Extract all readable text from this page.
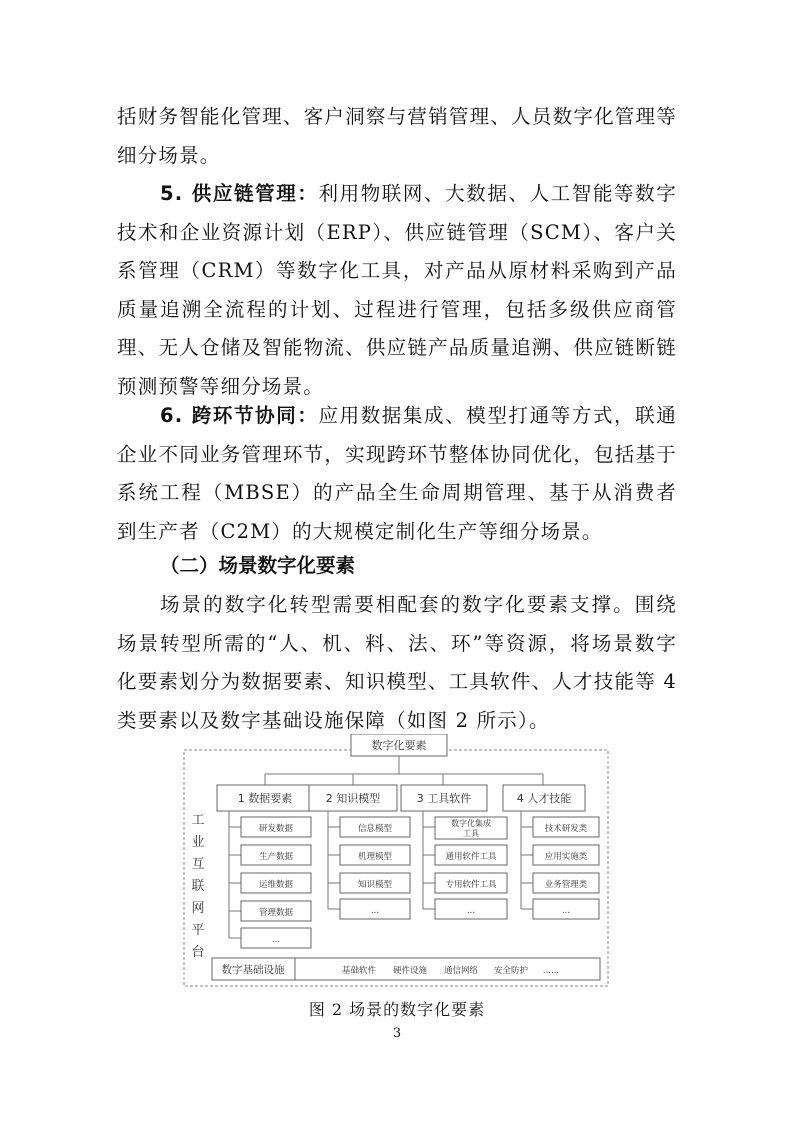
括财务智能化管理、客户洞察与营销管理、人员数字化管理等细分场景。

5. 供应链管理：利用物联网、大数据、人工智能等数字技术和企业资源计划（ERP）、供应链管理（SCM）、客户关系管理（CRM）等数字化工具，对产品从原材料采购到产品质量追溯全流程的计划、过程进行管理，包括多级供应商管理、无人仓储及智能物流、供应链产品质量追溯、供应链断链预测预警等细分场景。

6. 跨环节协同：应用数据集成、模型打通等方式，联通企业不同业务管理环节，实现跨环节整体协同优化，包括基于系统工程（MBSE）的产品全生命周期管理、基于从消费者到生产者（C2M）的大规模定制化生产等细分场景。

（二）场景数字化要素

场景的数字化转型需要相配套的数字化要素支撑。围绕场景转型所需的“人、机、料、法、环”等资源，将场景数字化要素划分为数据要素、知识模型、工具软件、人才技能等 4 类要素以及数字基础设施保障（如图 2 所示）。

数字化要素
工
业
互
联
网
平
台
1 数据要素
研发数据
生产数据
运维数据
管理数据
...
2 知识模型
信息模型
机理模型
知识模型
...
3 工具软件
数字化集成
工具
通用软件工具
专用软件工具
...
4 人才技能
技术研发类
应用实施类
业务管理类
...
数字基础设施	基础软件 硬件设施 通信网络 安全防护 ......
图 2 场景的数字化要素
3
